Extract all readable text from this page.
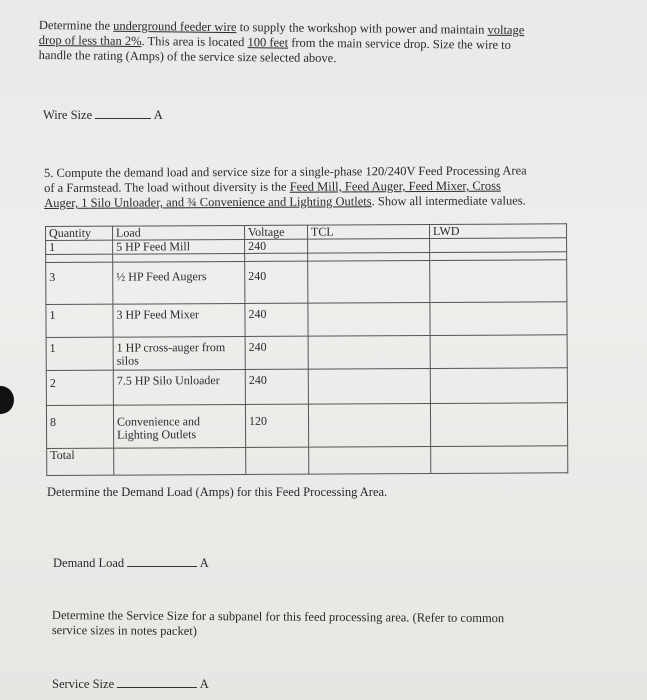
Determine the underground feeder wire to supply the workshop with power and maintain voltage
drop of less than 2%. This area is located 100 feet from the main service drop. Size the wire to
handle the rating (Amps) of the service size selected above.
Wire Size	A
5. Compute the demand load and service size for a single-phase 120/240V Feed Processing Area
of a Farmstead. The load without diversity is the Feed Mill, Feed Auger, Feed Mixer, Cross
Auger, 1 Silo Unloader, and ¾ Convenience and Lighting Outlets. Show all intermediate values.
Quantity	Load	Voltage	TCL	LWD
1	5 HP Feed Mill	240		

3	½ HP Feed Augers	240		
1	3 HP Feed Mixer	240		
1	1 HP cross-auger from silos	240		
2	7.5 HP Silo Unloader	240		
8	Convenience and Lighting Outlets	120		
Total				
Determine the Demand Load (Amps) for this Feed Processing Area.
Demand Load	A
Determine the Service Size for a subpanel for this feed processing area. (Refer to common
service sizes in notes packet)
Service Size	A
